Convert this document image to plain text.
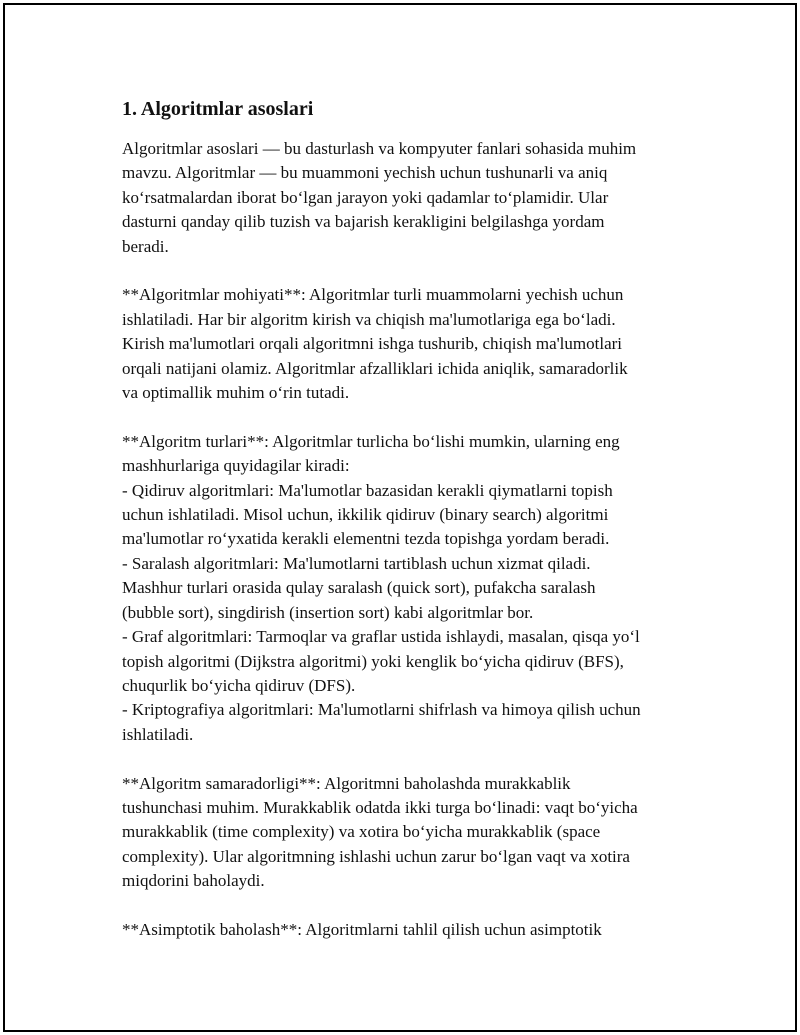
1. Algoritmlar asoslari
Algoritmlar asoslari — bu dasturlash va kompyuter fanlari sohasida muhim
mavzu. Algoritmlar — bu muammoni yechish uchun tushunarli va aniq
ko‘rsatmalardan iborat bo‘lgan jarayon yoki qadamlar to‘plamidir. Ular
dasturni qanday qilib tuzish va bajarish kerakligini belgilashga yordam
beradi.
**Algoritmlar mohiyati**: Algoritmlar turli muammolarni yechish uchun
ishlatiladi. Har bir algoritm kirish va chiqish ma'lumotlariga ega bo‘ladi.
Kirish ma'lumotlari orqali algoritmni ishga tushurib, chiqish ma'lumotlari
orqali natijani olamiz. Algoritmlar afzalliklari ichida aniqlik, samaradorlik
va optimallik muhim o‘rin tutadi.
**Algoritm turlari**: Algoritmlar turlicha bo‘lishi mumkin, ularning eng
mashhurlariga quyidagilar kiradi:
- Qidiruv algoritmlari: Ma'lumotlar bazasidan kerakli qiymatlarni topish
uchun ishlatiladi. Misol uchun, ikkilik qidiruv (binary search) algoritmi
ma'lumotlar ro‘yxatida kerakli elementni tezda topishga yordam beradi.
- Saralash algoritmlari: Ma'lumotlarni tartiblash uchun xizmat qiladi.
Mashhur turlari orasida qulay saralash (quick sort), pufakcha saralash
(bubble sort), singdirish (insertion sort) kabi algoritmlar bor.
- Graf algoritmlari: Tarmoqlar va graflar ustida ishlaydi, masalan, qisqa yo‘l
topish algoritmi (Dijkstra algoritmi) yoki kenglik bo‘yicha qidiruv (BFS),
chuqurlik bo‘yicha qidiruv (DFS).
- Kriptografiya algoritmlari: Ma'lumotlarni shifrlash va himoya qilish uchun
ishlatiladi.
**Algoritm samaradorligi**: Algoritmni baholashda murakkablik
tushunchasi muhim. Murakkablik odatda ikki turga bo‘linadi: vaqt bo‘yicha
murakkablik (time complexity) va xotira bo‘yicha murakkablik (space
complexity). Ular algoritmning ishlashi uchun zarur bo‘lgan vaqt va xotira
miqdorini baholaydi.
**Asimptotik baholash**: Algoritmlarni tahlil qilish uchun asimptotik
